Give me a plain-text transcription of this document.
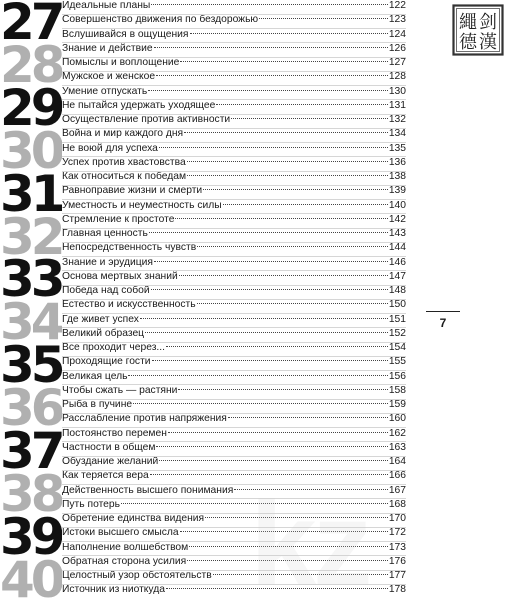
27
28
29
30
31
32
33
34
35
36
37
38
39
40
Идеальные планы	122
Совершенство движения по бездорожью	123
Вслушивайся в ощущения	124
Знание и действие	126
Помыслы и воплощение	127
Мужское и женское	128
Умение отпускать	130
Не пытайся удержать уходящее	131
Осуществление против активности	132
Война и мир каждого дня	134
Не воюй для успеха	135
Успех против хвастовства	136
Как относиться к победам	138
Равноправие жизни и смерти	139
Уместность и неуместность силы	140
Стремление к простоте	142
Главная ценность	143
Непосредственность чувств	144
Знание и эрудиция	146
Основа мертвых знаний	147
Победа над собой	148
Естество и искусственность	150
Где живет успех	151
Великий образец	152
Все проходит через...	154
Проходящие гости	155
Великая цель	156
Чтобы сжать — растяни	158
Рыба в пучине	159
Расслабление против напряжения	160
Постоянство перемен	162
Частности в общем	163
Обуздание желаний	164
Как теряется вера	166
Действенность высшего понимания	167
Путь потерь	168
Обретение единства видения	170
Истоки высшего смысла	172
Наполнение волшебством	173
Обратная сторона усилия	176
Целостный узор обстоятельств	177
Источник из ниоткуда	178
kz
剑
繩
漢
德
7
